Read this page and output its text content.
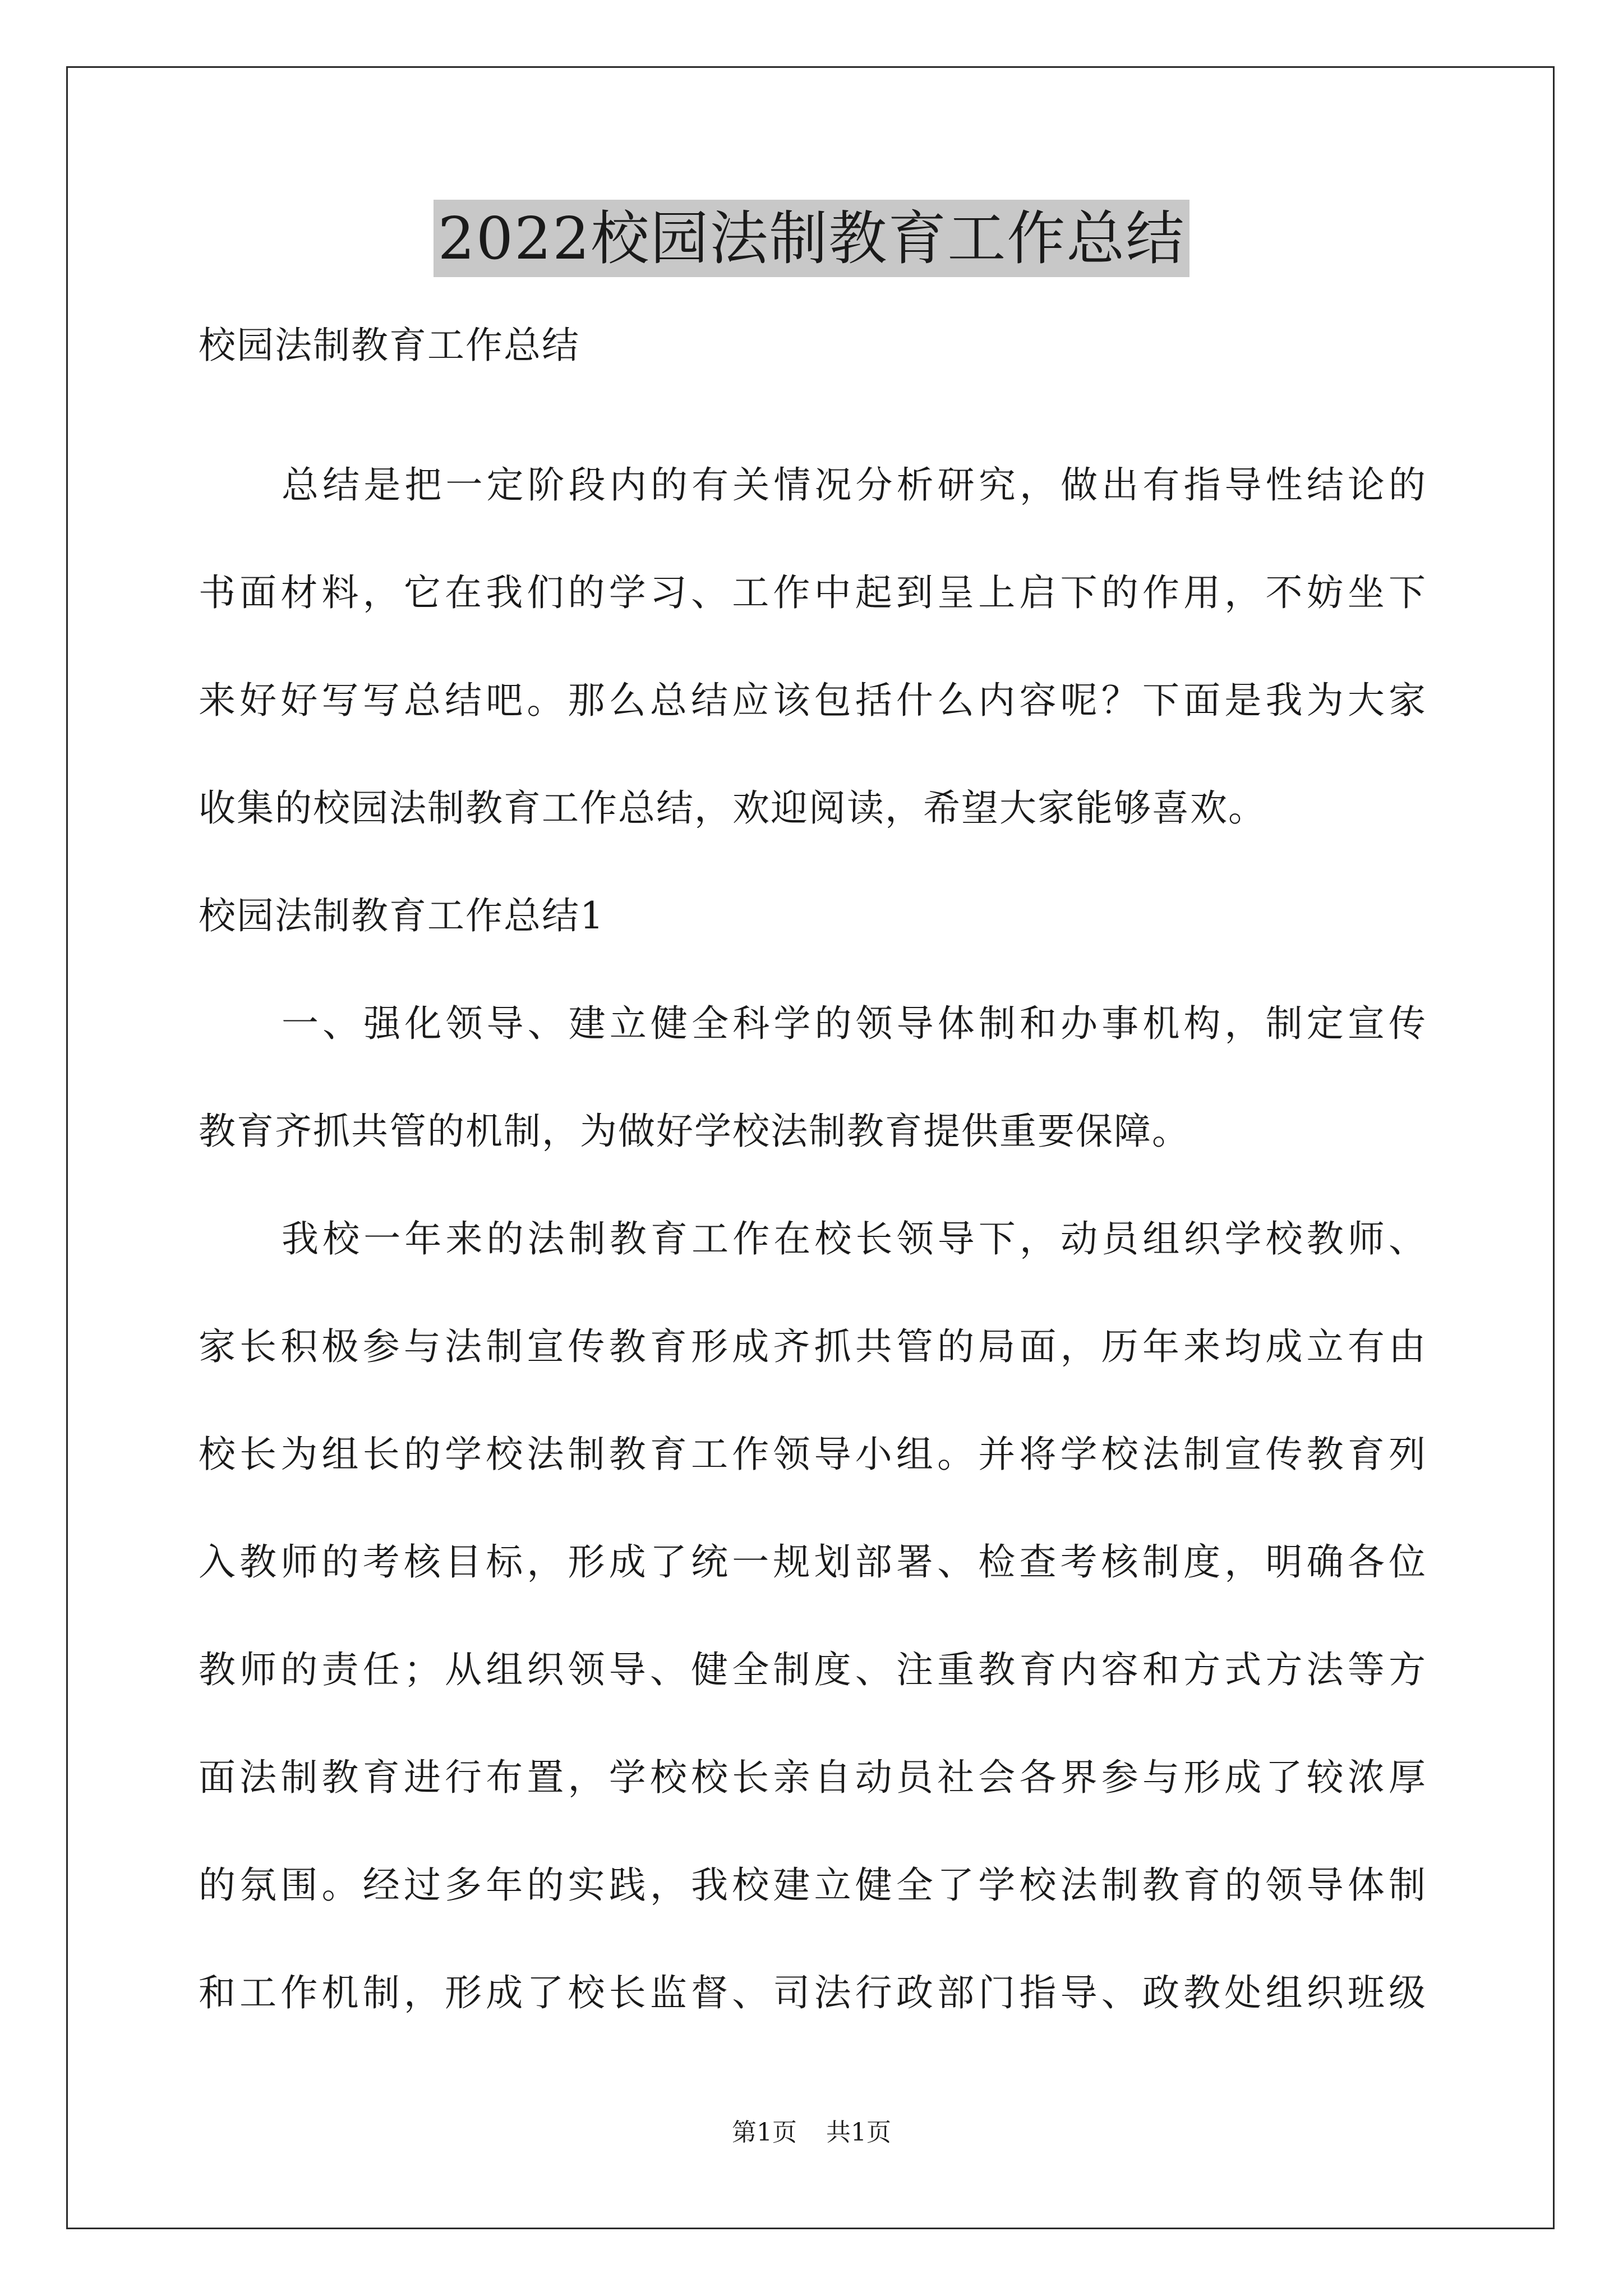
2022校园法制教育工作总结
校园法制教育工作总结
总结是把一定阶段内的有关情况分析研究，做出有指导性结论的
书面材料，它在我们的学习、工作中起到呈上启下的作用，不妨坐下
来好好写写总结吧。那么总结应该包括什么内容呢？下面是我为大家
收集的校园法制教育工作总结，欢迎阅读，希望大家能够喜欢。
校园法制教育工作总结1
一、强化领导、建立健全科学的领导体制和办事机构，制定宣传
教育齐抓共管的机制，为做好学校法制教育提供重要保障。
我校一年来的法制教育工作在校长领导下，动员组织学校教师、
家长积极参与法制宣传教育形成齐抓共管的局面，历年来均成立有由
校长为组长的学校法制教育工作领导小组。并将学校法制宣传教育列
入教师的考核目标，形成了统一规划部署、检查考核制度，明确各位
教师的责任；从组织领导、健全制度、注重教育内容和方式方法等方
面法制教育进行布置，学校校长亲自动员社会各界参与形成了较浓厚
的氛围。经过多年的实践，我校建立健全了学校法制教育的领导体制
和工作机制，形成了校长监督、司法行政部门指导、政教处组织班级
第1页 共1页
